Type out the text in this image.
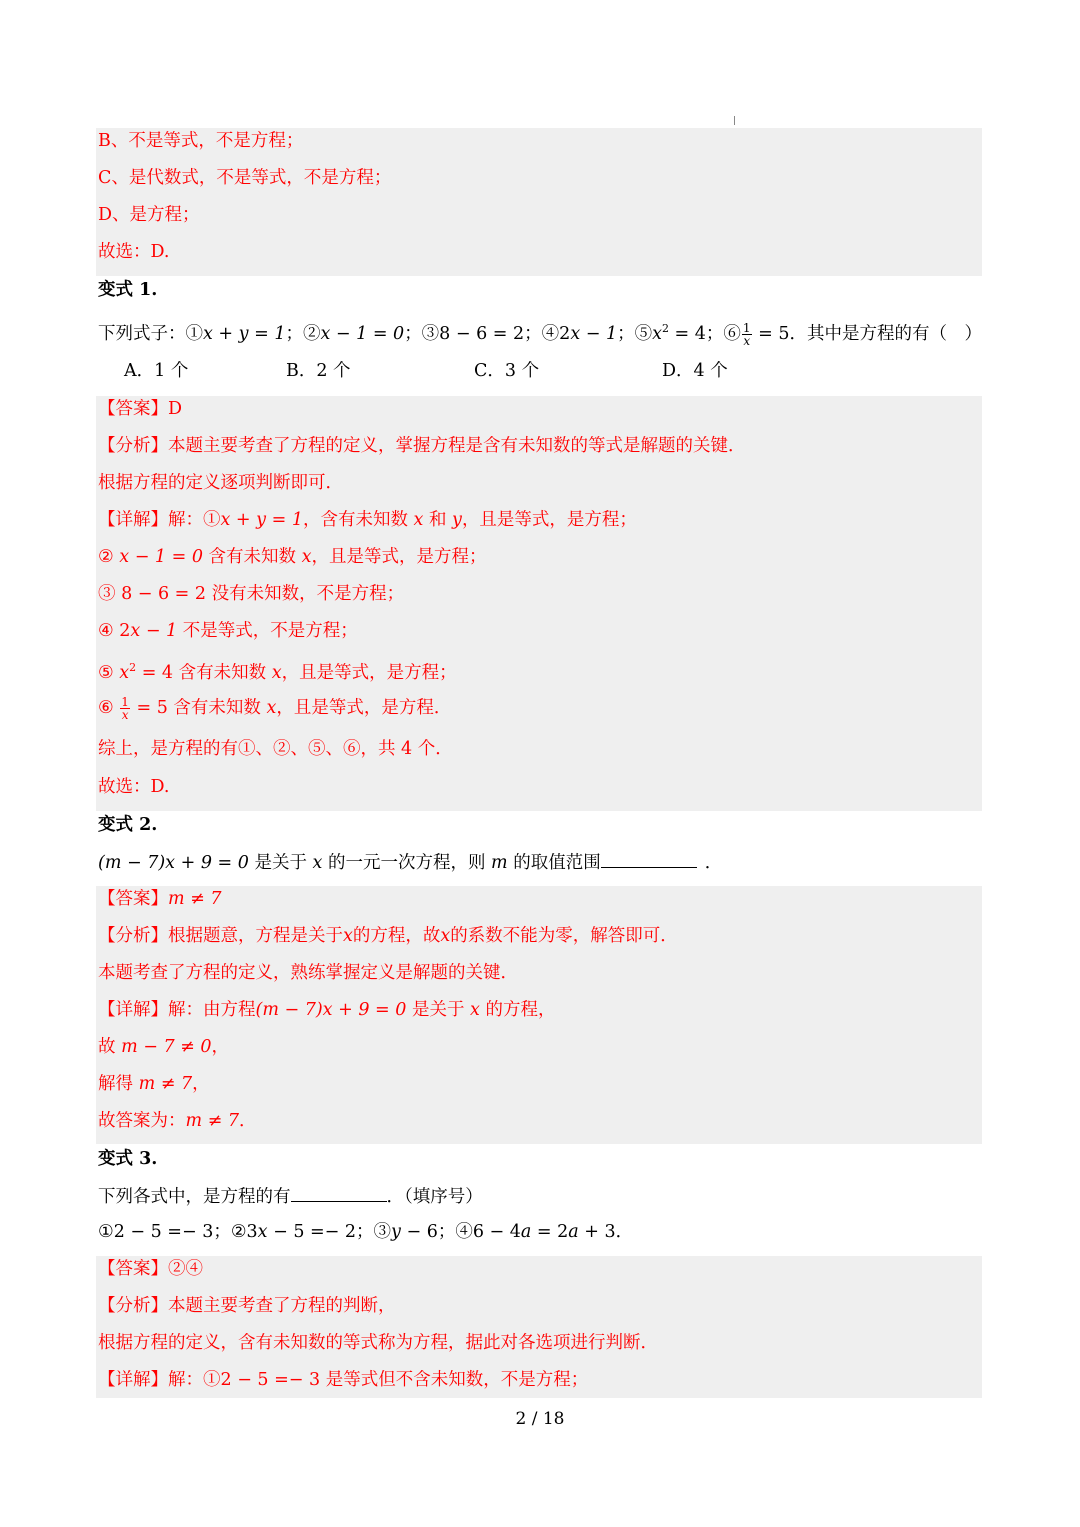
B、不是等式，不是方程；
C、是代数式，不是等式，不是方程；
D、是方程；
故选：D.
变式 1.
下列式子：①x + y = 1；②x − 1 = 0；③8 − 6 = 2；④2x − 1；$⑤x^2 = 4$；⑥ $\frac{1}{x} = 5$．其中是方程的有（　）
A．1 个	B．2 个	C．3 个	D．4 个
【答案】D
【分析】本题主要考查了方程的定义，掌握方程是含有未知数的等式是解题的关键．
根据方程的定义逐项判断即可．
【详解】解：①x + y = 1，含有未知数 x 和 y，且是等式，是方程；
② x − 1 = 0 含有未知数 x，且是等式，是方程；
③ 8 − 6 = 2 没有未知数，不是方程；
④ 2x − 1 不是等式，不是方程；
⑤ $x^2 = 4$ 含有未知数 x，且是等式，是方程；
⑥ $\frac{1}{x} = 5$ 含有未知数 x，且是等式，是方程．
综上，是方程的有①、②、⑤、⑥，共 4 个．
故选：D.
变式 2.
(m − 7)x + 9 = 0 是关于 x 的一元一次方程，则 m 的取值范围	．
【答案】m ≠ 7
【分析】根据题意，方程是关于x的方程，故x的系数不能为零，解答即可．
本题考查了方程的定义，熟练掌握定义是解题的关键．
【详解】解：由方程(m − 7)x + 9 = 0 是关于 x 的方程，
故 m − 7 ≠ 0，
解得 m ≠ 7，
故答案为：m ≠ 7．
变式 3.
下列各式中，是方程的有	．（填序号）
①2 − 5 =− 3；②3x − 5 =− 2；③y − 6；④6 − 4a = 2a + 3．
【答案】②④
【分析】本题主要考查了方程的判断，
根据方程的定义，含有未知数的等式称为方程，据此对各选项进行判断．
【详解】解：①2 − 5 =− 3 是等式但不含未知数，不是方程；
2 / 18
